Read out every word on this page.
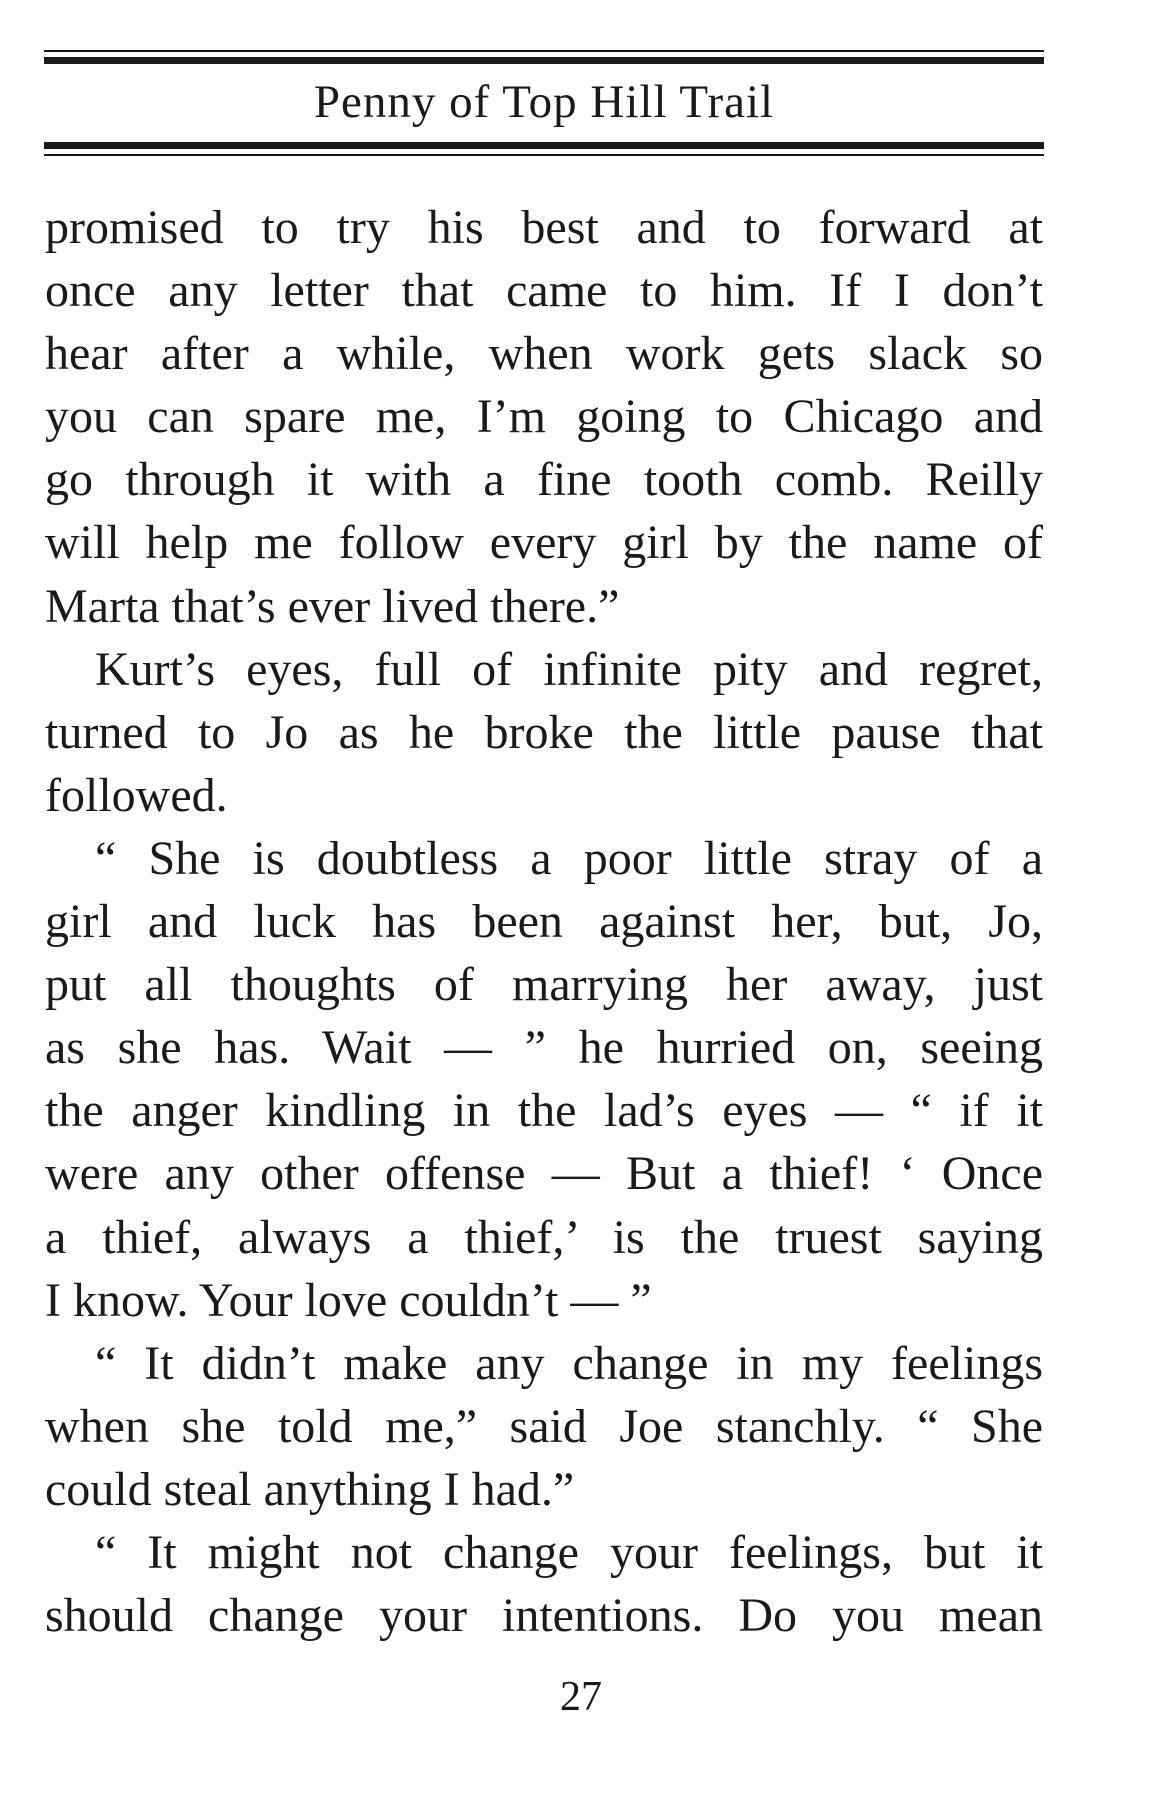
Penny of Top Hill Trail
promised to try his best and to forward at
once any letter that came to him. If I don’t
hear after a while, when work gets slack so
you can spare me, I’m going to Chicago and
go through it with a fine tooth comb. Reilly
will help me follow every girl by the name of
Marta that’s ever lived there.”
Kurt’s eyes, full of infinite pity and regret,
turned to Jo as he broke the little pause that
followed.
“ She is doubtless a poor little stray of a
girl and luck has been against her, but, Jo,
put all thoughts of marrying her away, just
as she has. Wait — ” he hurried on, seeing
the anger kindling in the lad’s eyes — “ if it
were any other offense — But a thief! ‘ Once
a thief, always a thief,’ is the truest saying
I know. Your love couldn’t — ”
“ It didn’t make any change in my feelings
when she told me,” said Joe stanchly. “ She
could steal anything I had.”
“ It might not change your feelings, but it
should change your intentions. Do you mean
27
